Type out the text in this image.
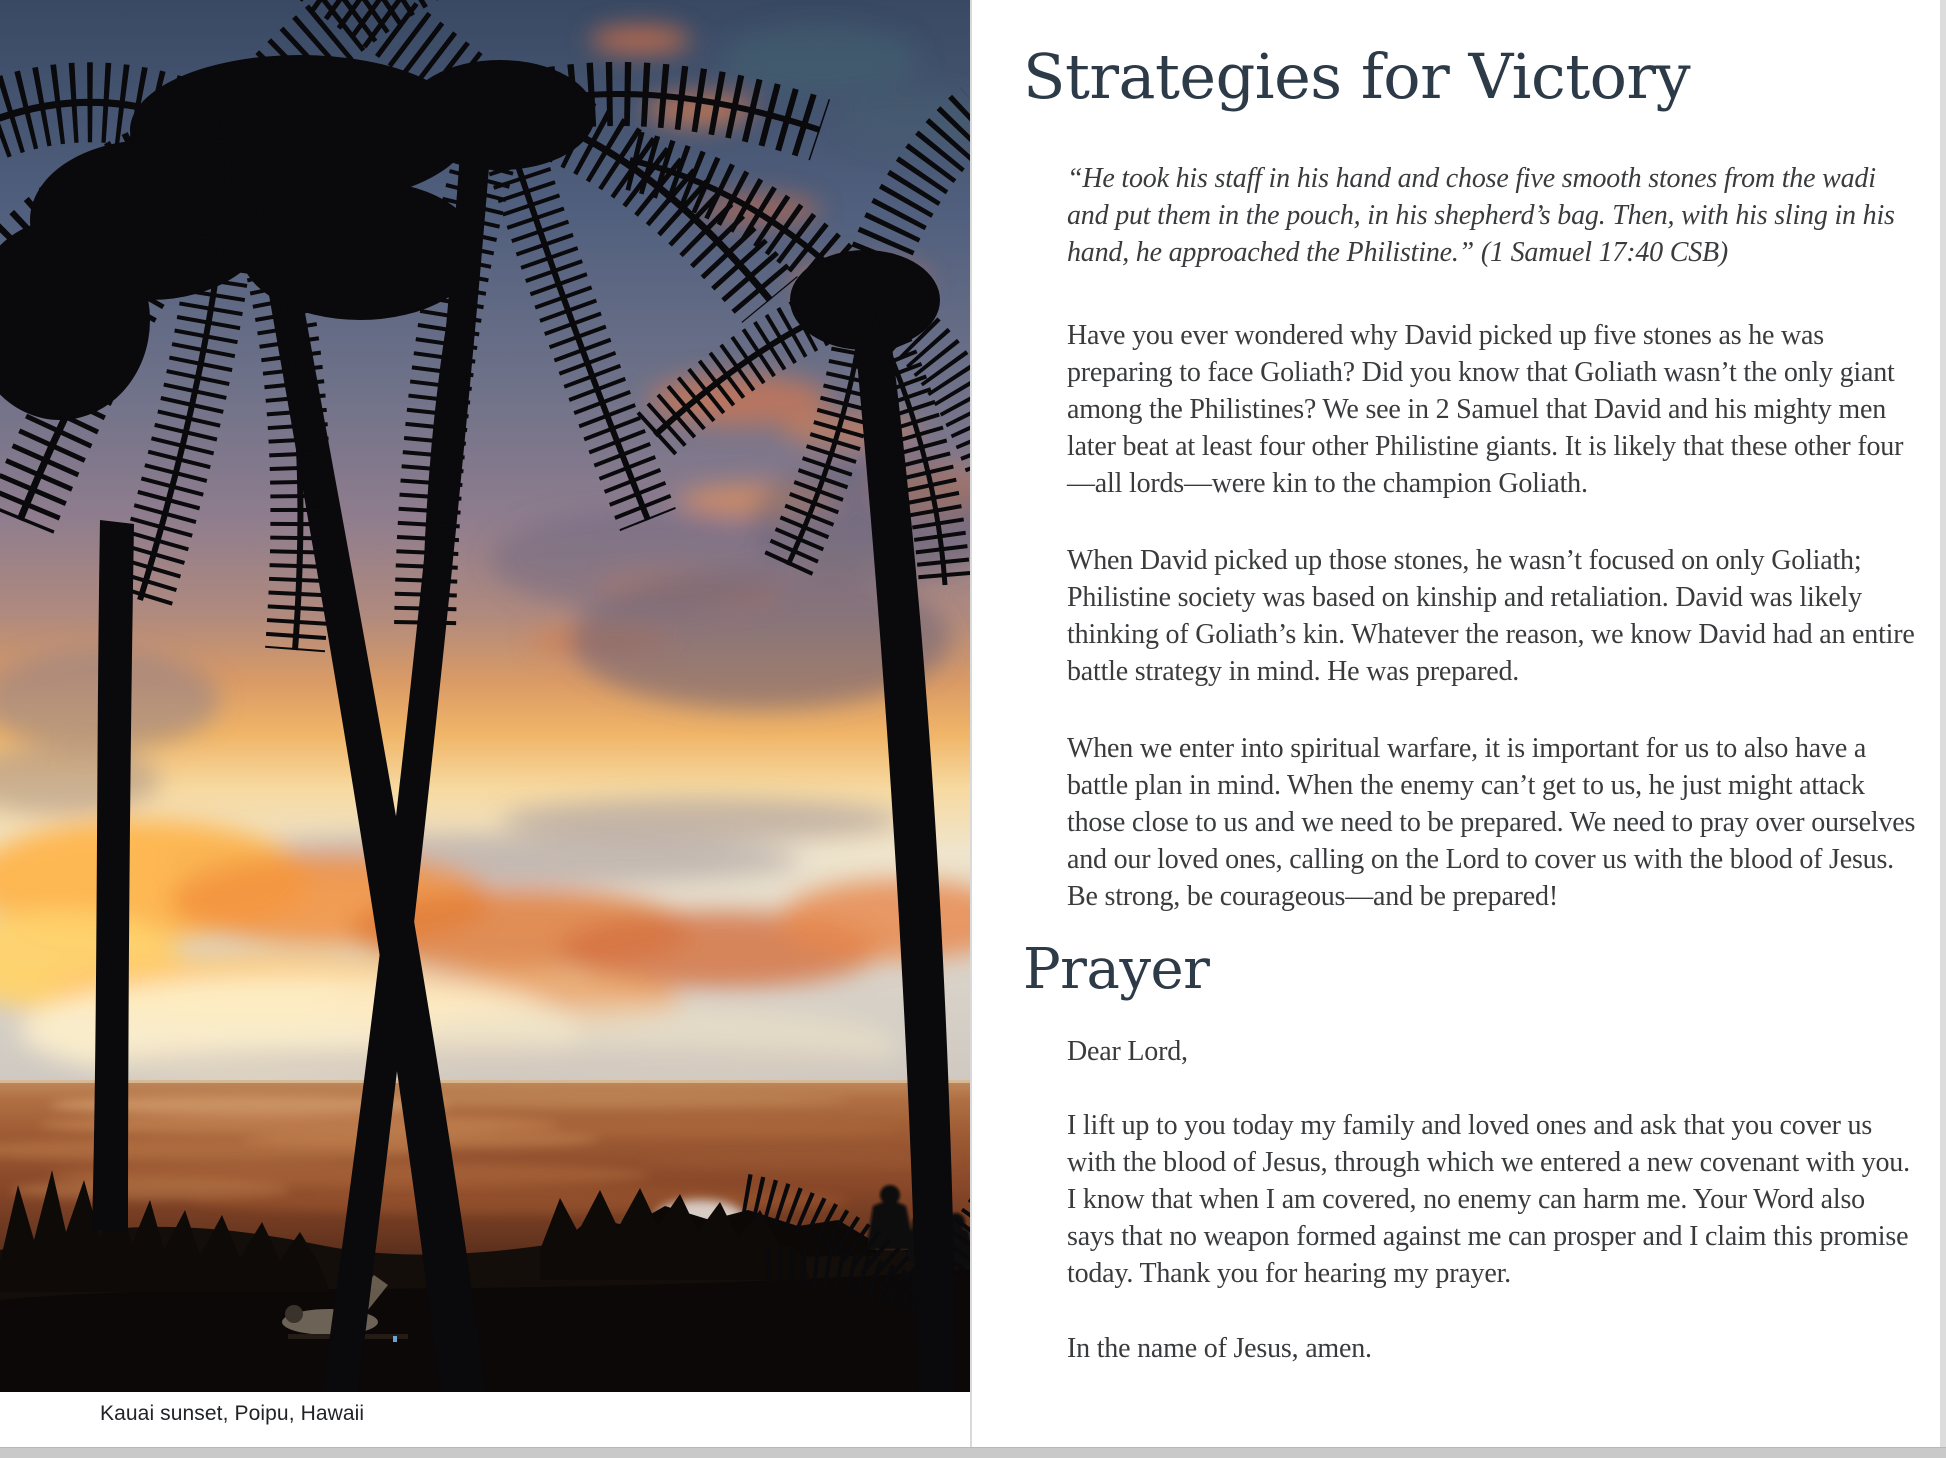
Kauai sunset, Poipu, Hawaii
Strategies for Victory

“He took his staff in his hand and chose five smooth stones from the wadi and put them in the pouch, in his shepherd’s bag. Then, with his sling in his hand, he approached the Philistine.” (1 Samuel 17:40 CSB)

Have you ever wondered why David picked up five stones as he was preparing to face Goliath? Did you know that Goliath wasn’t the only giant among the Philistines? We see in 2 Samuel that David and his mighty men later beat at least four other Philistine giants. It is likely that these other four—all lords—were kin to the champion Goliath.

When David picked up those stones, he wasn’t focused on only Goliath; Philistine society was based on kinship and retaliation. David was likely thinking of Goliath’s kin. Whatever the reason, we know David had an entire battle strategy in mind. He was prepared.

When we enter into spiritual warfare, it is important for us to also have a battle plan in mind. When the enemy can’t get to us, he just might attack those close to us and we need to be prepared. We need to pray over ourselves and our loved ones, calling on the Lord to cover us with the blood of Jesus. Be strong, be courageous—and be prepared!

Prayer

Dear Lord,

I lift up to you today my family and loved ones and ask that you cover us with the blood of Jesus, through which we entered a new covenant with you. I know that when I am covered, no enemy can harm me. Your Word also says that no weapon formed against me can prosper and I claim this promise today. Thank you for hearing my prayer.

In the name of Jesus, amen.
